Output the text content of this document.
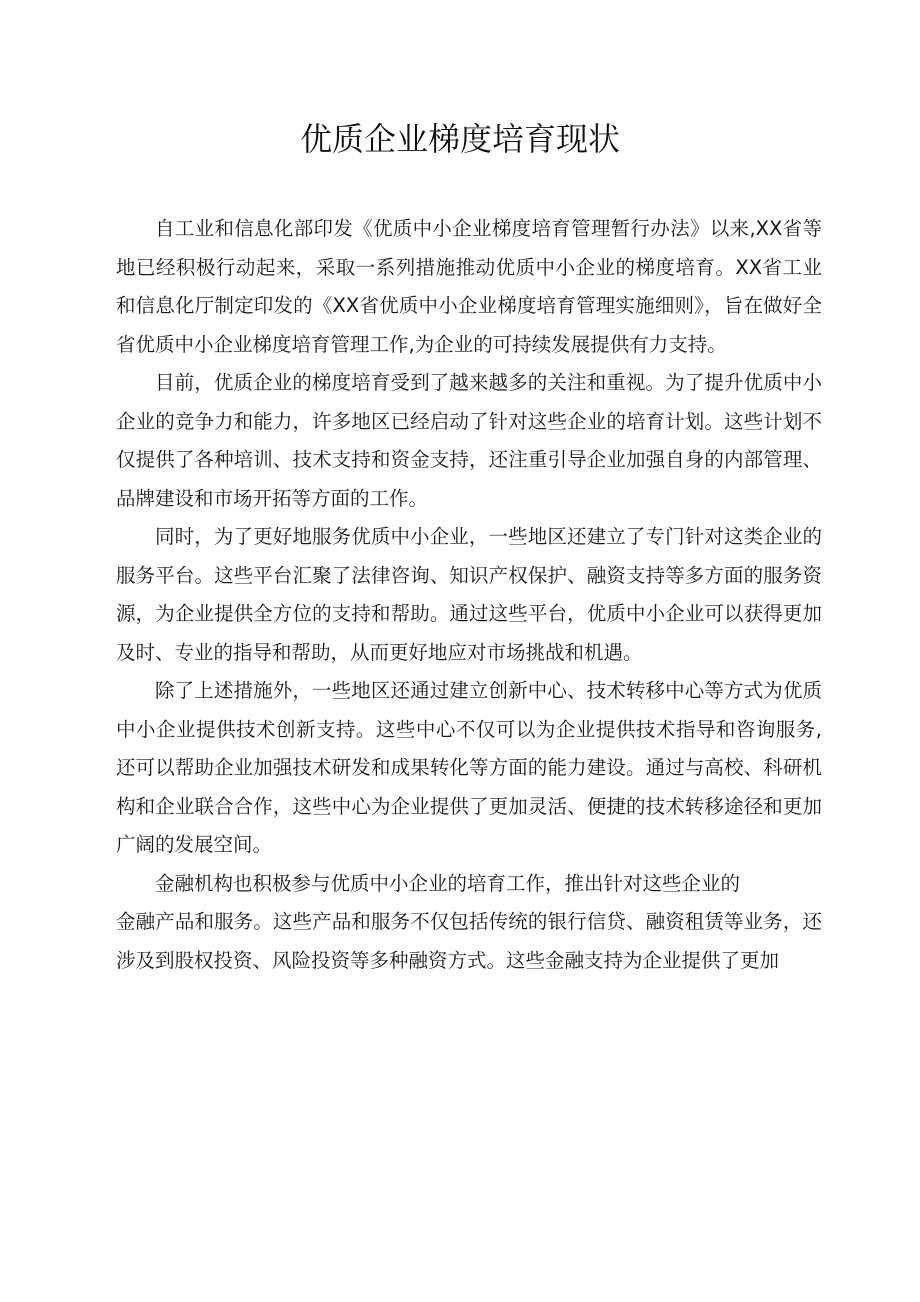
优质企业梯度培育现状

自工业和信息化部印发《优质中小企业梯度培育管理暂行办法》以来,XX省等地已经积极行动起来，采取一系列措施推动优质中小企业的梯度培育。XX省工业和信息化厅制定印发的《XX省优质中小企业梯度培育管理实施细则》，旨在做好全省优质中小企业梯度培育管理工作,为企业的可持续发展提供有力支持。

目前，优质企业的梯度培育受到了越来越多的关注和重视。为了提升优质中小企业的竞争力和能力，许多地区已经启动了针对这些企业的培育计划。这些计划不仅提供了各种培训、技术支持和资金支持，还注重引导企业加强自身的内部管理、品牌建设和市场开拓等方面的工作。

同时，为了更好地服务优质中小企业，一些地区还建立了专门针对这类企业的服务平台。这些平台汇聚了法律咨询、知识产权保护、融资支持等多方面的服务资源，为企业提供全方位的支持和帮助。通过这些平台，优质中小企业可以获得更加及时、专业的指导和帮助，从而更好地应对市场挑战和机遇。

除了上述措施外，一些地区还通过建立创新中心、技术转移中心等方式为优质中小企业提供技术创新支持。这些中心不仅可以为企业提供技术指导和咨询服务,还可以帮助企业加强技术研发和成果转化等方面的能力建设。通过与高校、科研机构和企业联合合作，这些中心为企业提供了更加灵活、便捷的技术转移途径和更加广阔的发展空间。

金融机构也积极参与优质中小企业的培育工作，推出针对这些企业的

金融产品和服务。这些产品和服务不仅包括传统的银行信贷、融资租赁等业务，还涉及到股权投资、风险投资等多种融资方式。这些金融支持为企业提供了更加
